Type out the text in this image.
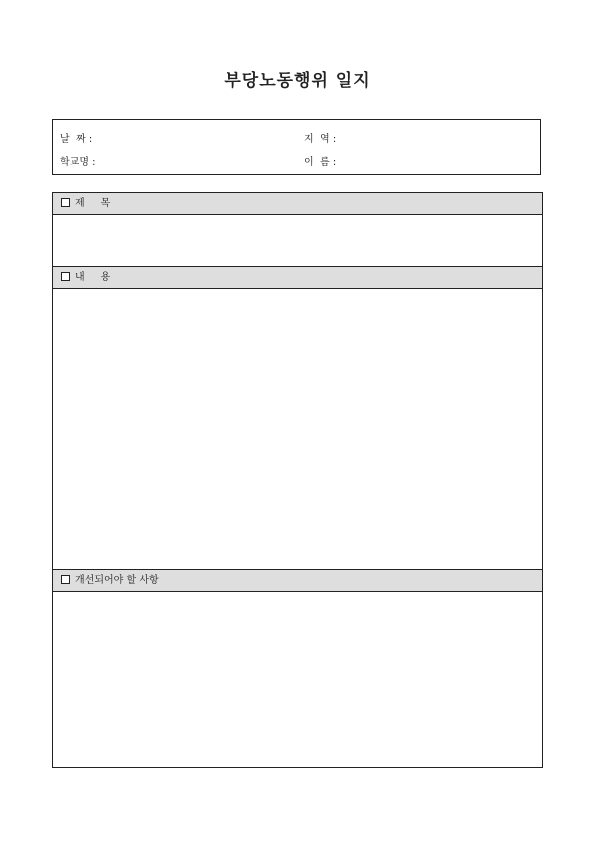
부당노동행위 일지
날  짜 :
학교명 :
지  역 :
이  름 :
제     목
내     용
개선되어야 할 사항
